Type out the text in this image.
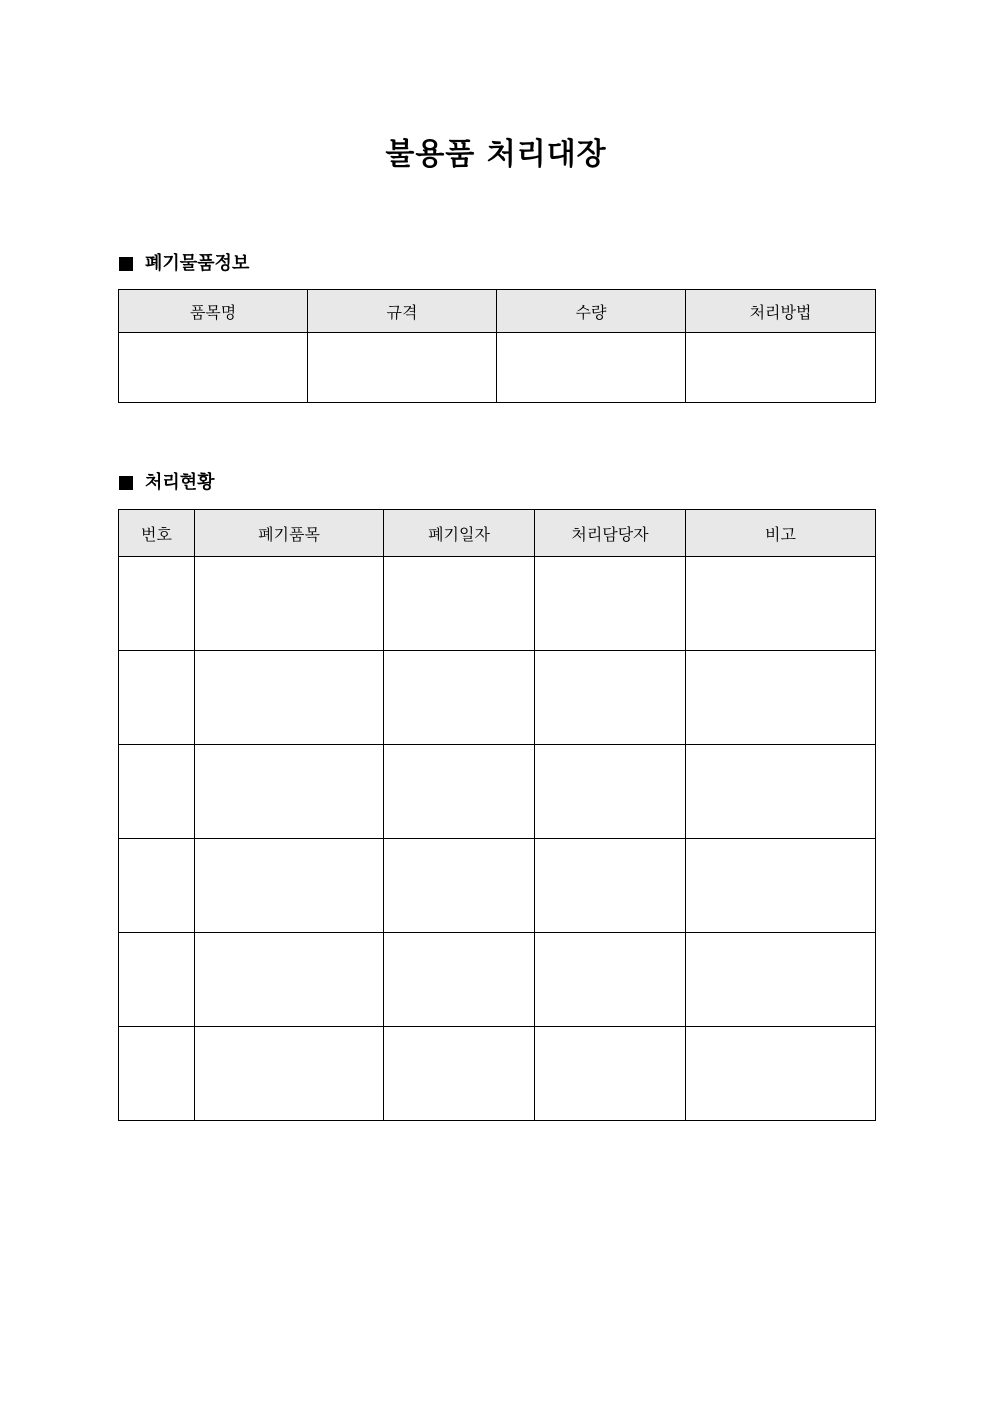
불용품 처리대장
폐기물품정보
품목명	규격	수량	처리방법

처리현황
번호	폐기품목	폐기일자	처리담당자	비고
